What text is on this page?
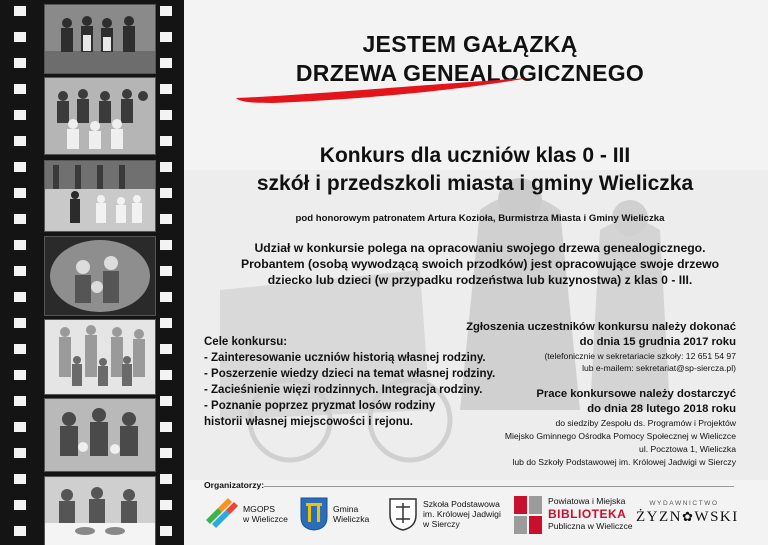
JESTEM GAŁĄZKĄ
DRZEWA GENEALOGICZNEGO
Konkurs dla uczniów klas 0 - III
szkół i przedszkoli miasta i gminy Wieliczka
pod honorowym patronatem Artura Kozioła, Burmistrza Miasta i Gminy Wieliczka
Udział w konkursie polega na opracowaniu swojego drzewa genealogicznego.
Probantem (osobą wywodzącą swoich przodków) jest opracowujące swoje drzewo
dziecko lub dzieci (w przypadku rodzeństwa lub kuzynostwa) z klas 0 - III.
Cele konkursu:
- Zainteresowanie uczniów historią własnej rodziny.
- Poszerzenie wiedzy dzieci na temat własnej rodziny.
- Zacieśnienie więzi rodzinnych. Integracja rodziny.
- Poznanie poprzez pryzmat losów rodziny
historii własnej miejscowości i rejonu.
Zgłoszenia uczestników konkursu należy dokonać
do dnia 15 grudnia 2017 roku
(telefonicznie w sekretariacie szkoły: 12 651 54 97
lub e-mailem: sekretariat@sp-siercza.pl)
Prace konkursowe należy dostarczyć
do dnia 28 lutego 2018 roku
do siedziby Zespołu ds. Programów i Projektów
Miejsko Gminnego Ośrodka Pomocy Społecznej w Wieliczce
ul. Pocztowa 1, Wieliczka
lub do Szkoły Podstawowej im. Królowej Jadwigi w Sierczy
Organizatorzy:
MGOPS
w Wieliczce
Gmina
Wieliczka
Szkoła Podstawowa
im. Królowej Jadwigi
w Sierczy
Powiatowa i Miejska
BIBLIOTEKA
Publiczna w Wieliczce
WYDAWNICTWO
ŻYZN✿WSKI
